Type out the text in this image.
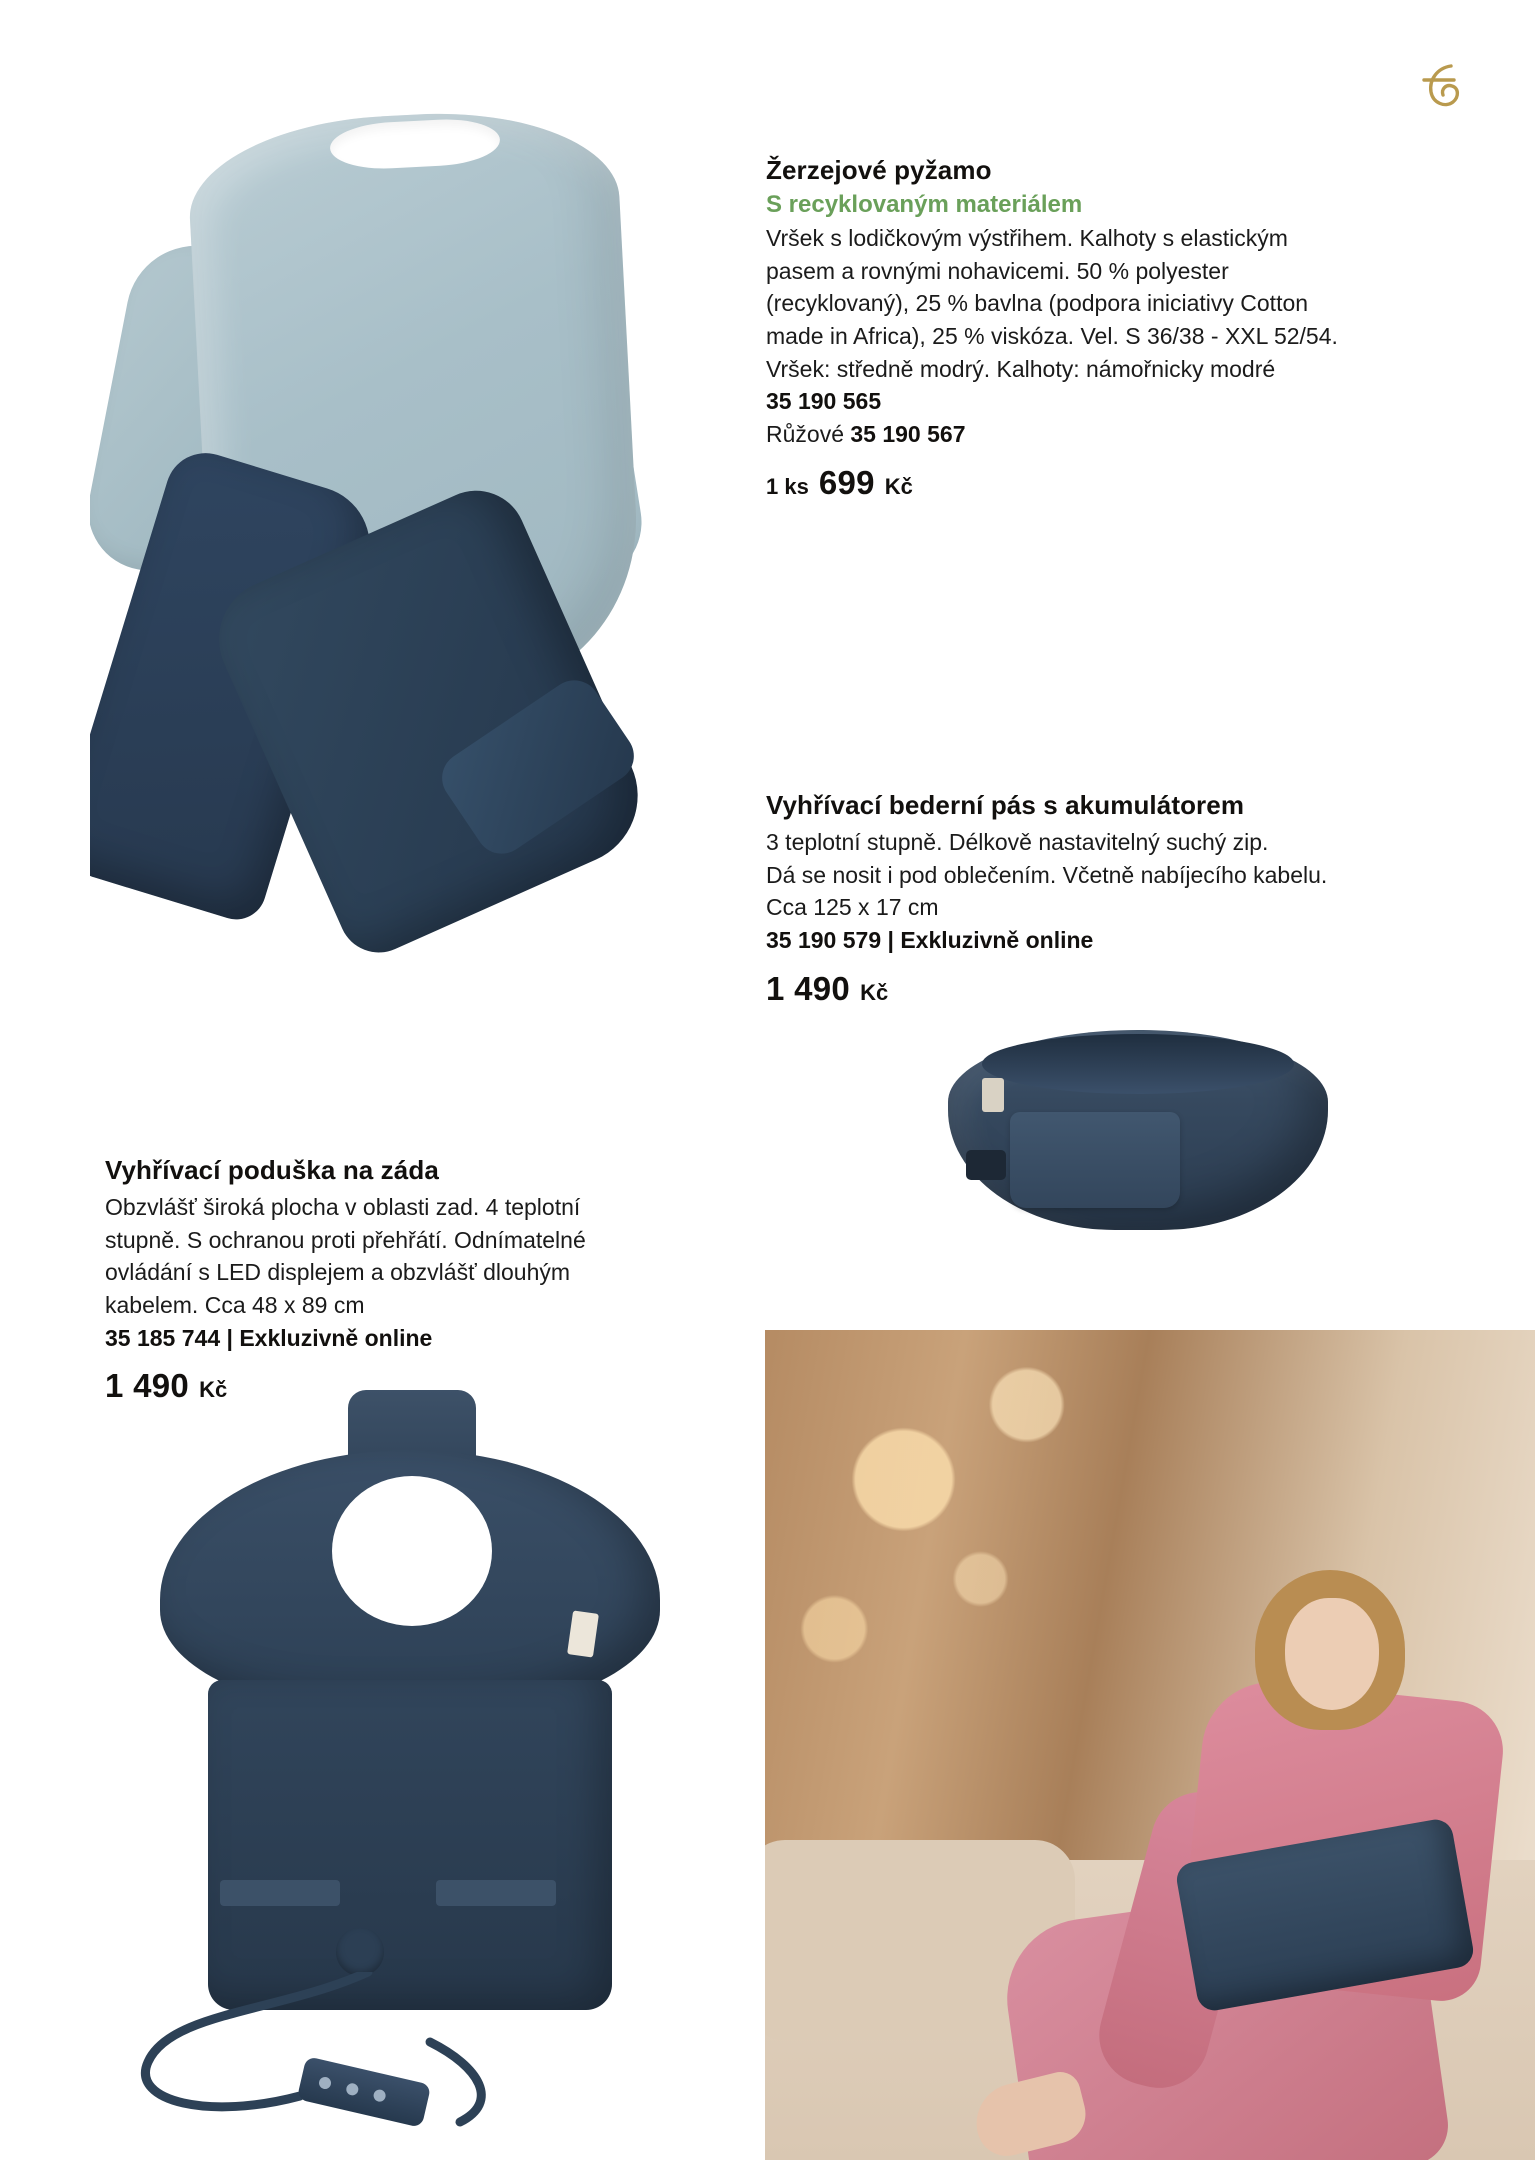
Žerzejové pyžamo
S recyklovaným materiálem
Vršek s lodičkovým výstřihem. Kalhoty s elastickým
pasem a rovnými nohavicemi. 50 % polyester
(recyklovaný), 25 % bavlna (podpora iniciativy Cotton
made in Africa), 25 % viskóza. Vel. S 36/38 - XXL 52/54.
Vršek: středně modrý. Kalhoty: námořnicky modré
35 190 565
Růžové 35 190 567
1 ks 699 Kč
Vyhřívací bederní pás s akumulátorem
3 teplotní stupně. Délkově nastavitelný suchý zip.
Dá se nosit i pod oblečením. Včetně nabíjecího kabelu.
Cca 125 x 17 cm
35 190 579 | Exkluzivně online
1 490 Kč
Vyhřívací poduška na záda
Obzvlášť široká plocha v oblasti zad. 4 teplotní
stupně. S ochranou proti přehřátí. Odnímatelné
ovládání s LED displejem a obzvlášť dlouhým
kabelem. Cca 48 x 89 cm
35 185 744 | Exkluzivně online
1 490 Kč
